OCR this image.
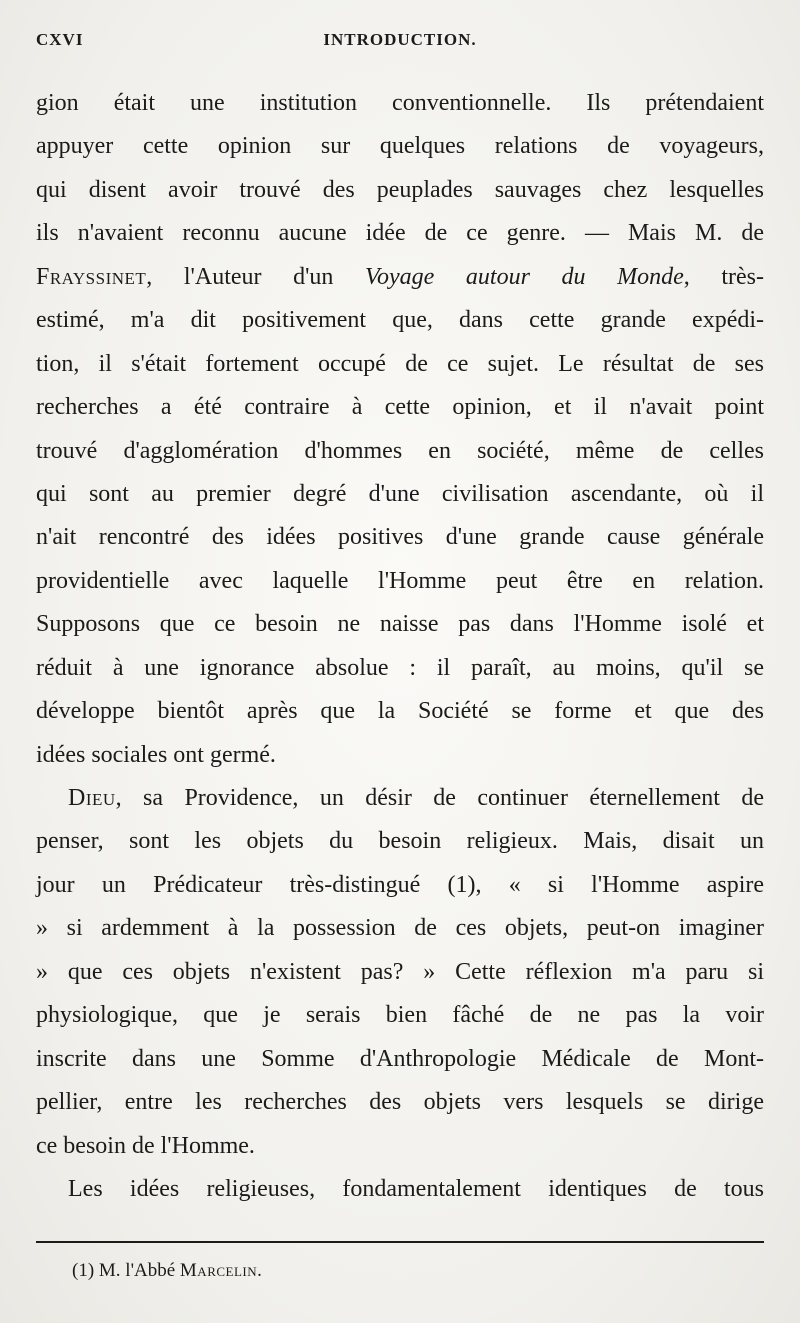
CXVI	INTRODUCTION.
gion était une institution conventionnelle. Ils prétendaient
appuyer cette opinion sur quelques relations de voyageurs,
qui disent avoir trouvé des peuplades sauvages chez lesquelles
ils n'avaient reconnu aucune idée de ce genre. — Mais M. de
Frayssinet, l'Auteur d'un Voyage autour du Monde, très-
estimé, m'a dit positivement que, dans cette grande expédi-
tion, il s'était fortement occupé de ce sujet. Le résultat de ses
recherches a été contraire à cette opinion, et il n'avait point
trouvé d'agglomération d'hommes en société, même de celles
qui sont au premier degré d'une civilisation ascendante, où il
n'ait rencontré des idées positives d'une grande cause générale
providentielle avec laquelle l'Homme peut être en relation.
Supposons que ce besoin ne naisse pas dans l'Homme isolé et
réduit à une ignorance absolue : il paraît, au moins, qu'il se
développe bientôt après que la Société se forme et que des
idées sociales ont germé.
Dieu, sa Providence, un désir de continuer éternellement de
penser, sont les objets du besoin religieux. Mais, disait un
jour un Prédicateur très-distingué (1), « si l'Homme aspire
» si ardemment à la possession de ces objets, peut-on imaginer
» que ces objets n'existent pas? » Cette réflexion m'a paru si
physiologique, que je serais bien fâché de ne pas la voir
inscrite dans une Somme d'Anthropologie Médicale de Mont-
pellier, entre les recherches des objets vers lesquels se dirige
ce besoin de l'Homme.
Les idées religieuses, fondamentalement identiques de tous
(1) M. l'Abbé Marcelin.
